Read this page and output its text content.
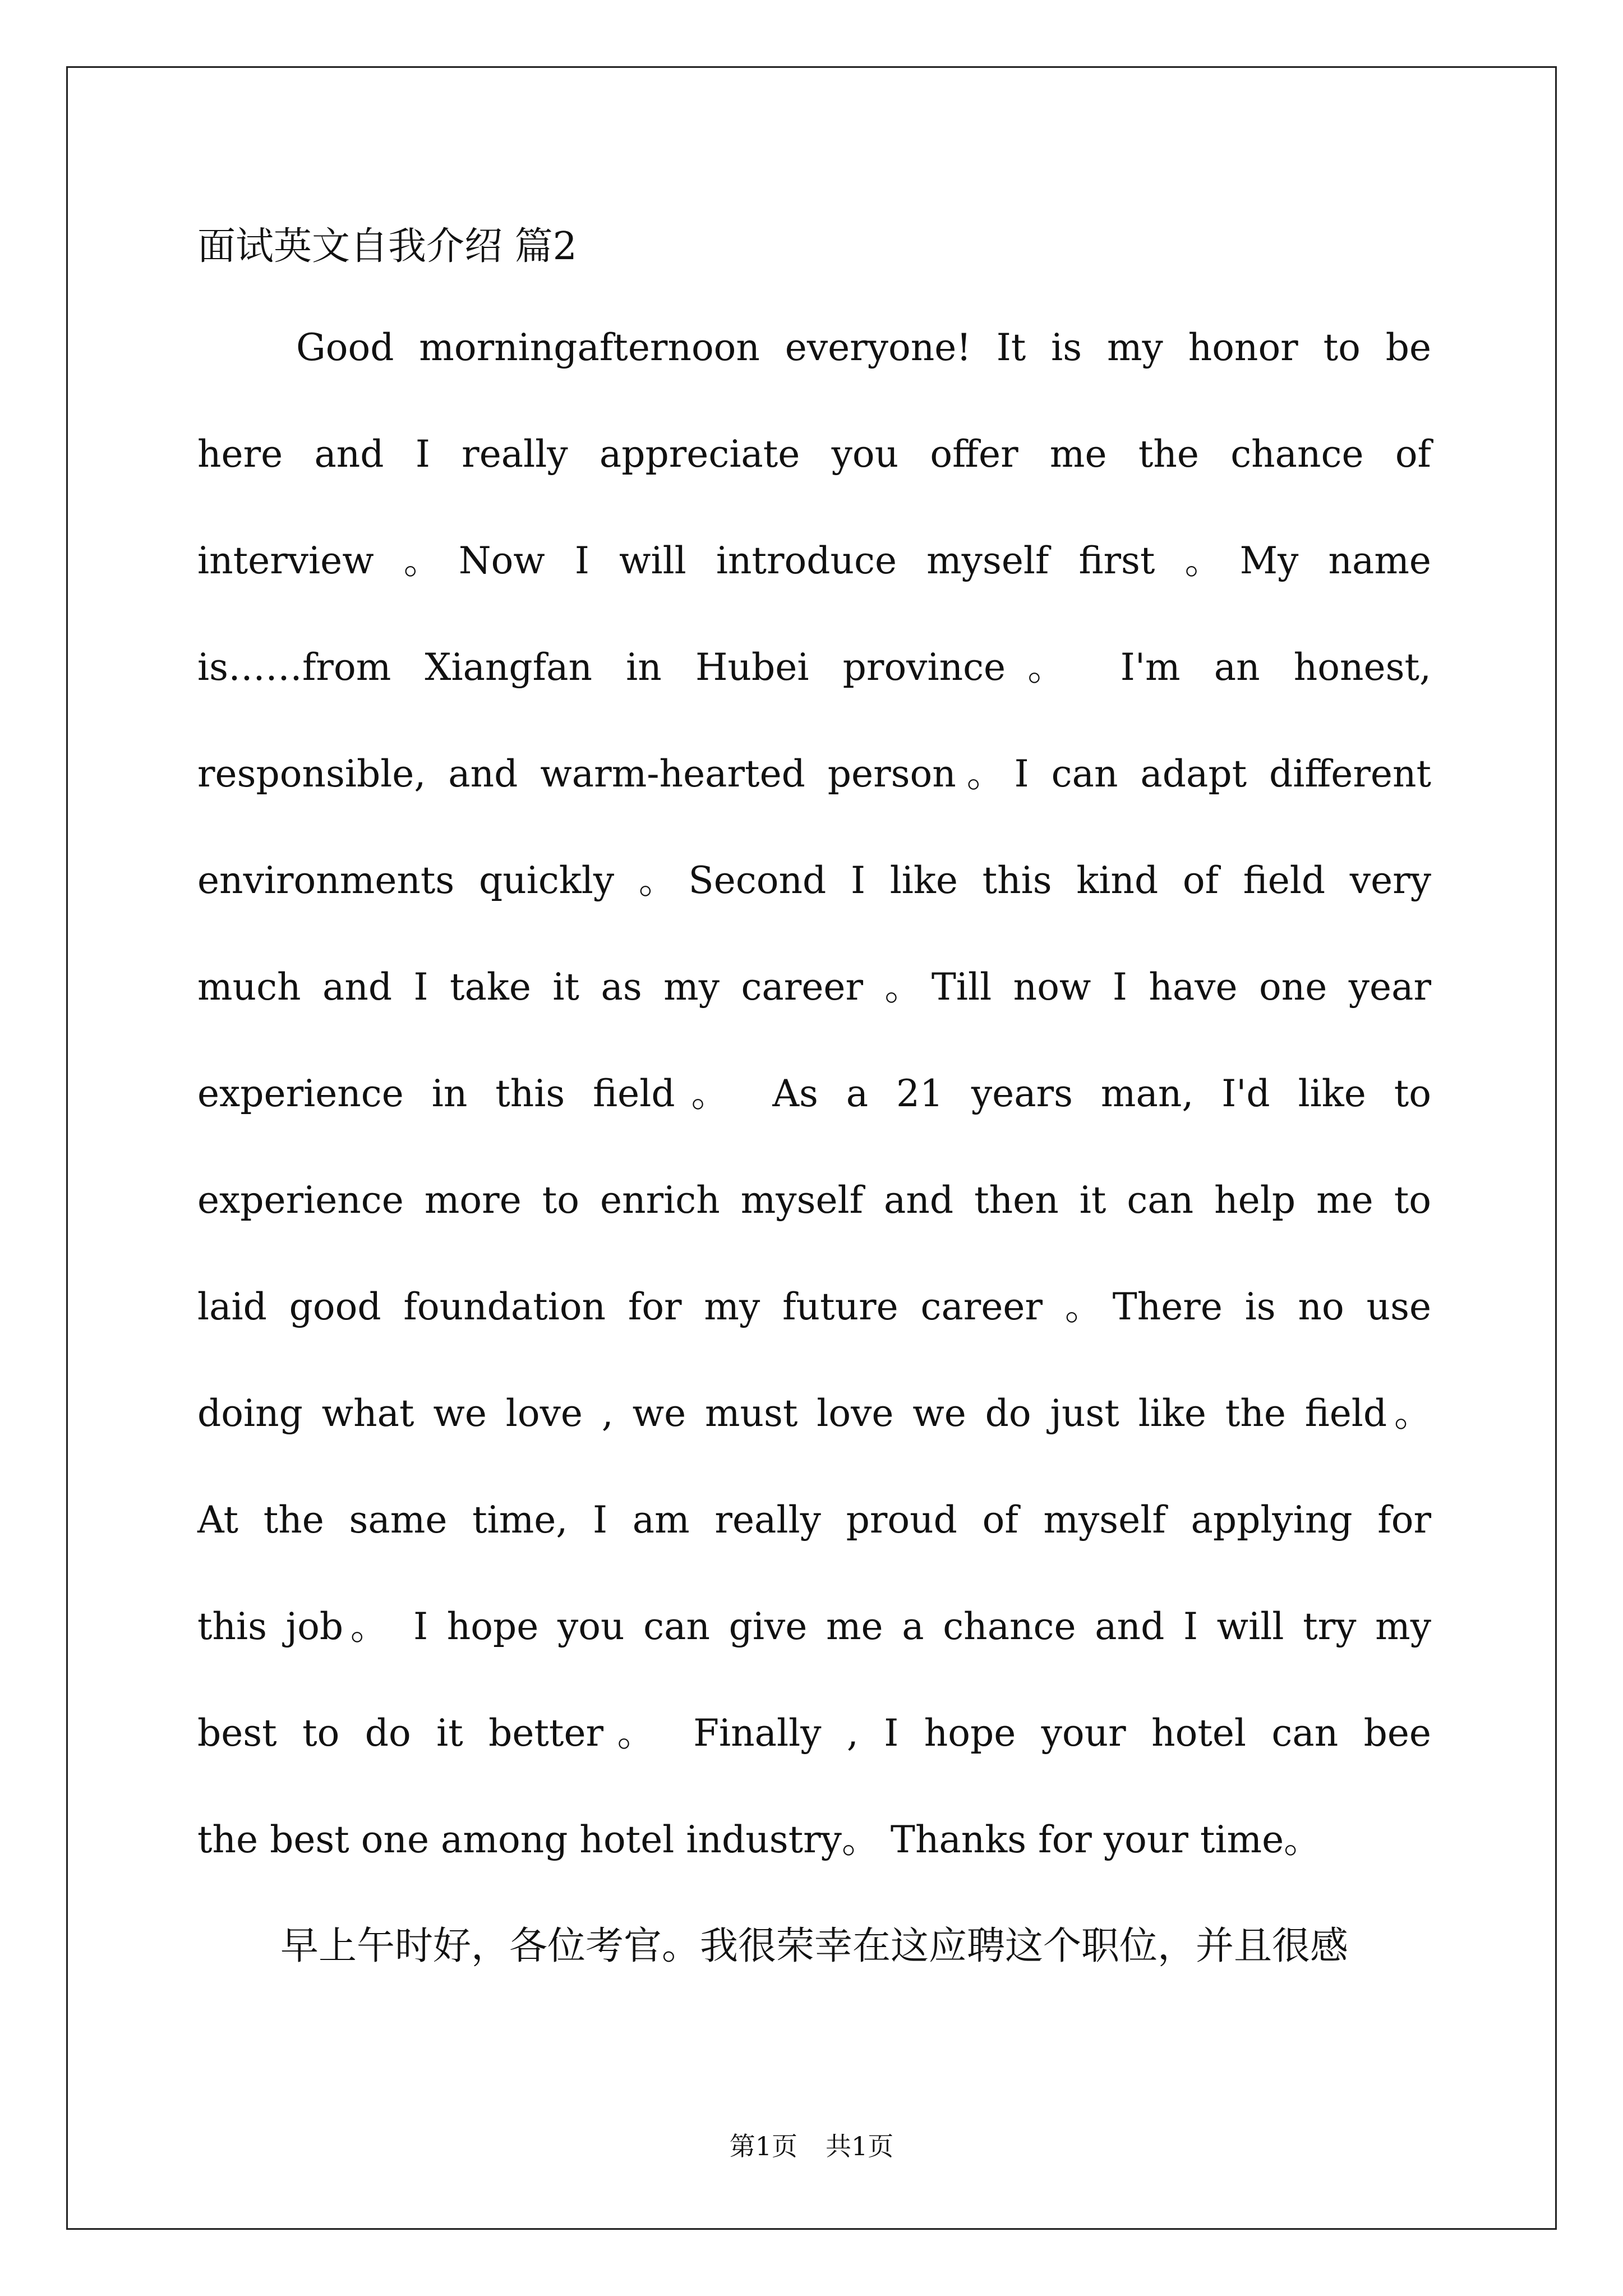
面试英文自我介绍 篇2
Good morningafternoon everyone! It is my honor to be
here and I really appreciate you offer me the chance of
interview 。Now I will introduce myself first 。My name
is……from Xiangfan in Hubei province。 I'm an honest,
responsible, and warm-hearted person。I can adapt different
environments quickly 。Second I like this kind of field very
much and I take it as my career 。Till now I have one year
experience in this field。 As a 21 years man, I'd like to
experience more to enrich myself and then it can help me to
laid good foundation for my future career 。There is no use
doing what we love , we must love we do just like the field。
At the same time, I am really proud of myself applying for
this job。 I hope you can give me a chance and I will try my
best to do it better。 Finally , I hope your hotel can bee
the best one among hotel industry。 Thanks for your time。
早上午时好，各位考官。我很荣幸在这应聘这个职位，并且很感
第1页 共1页
